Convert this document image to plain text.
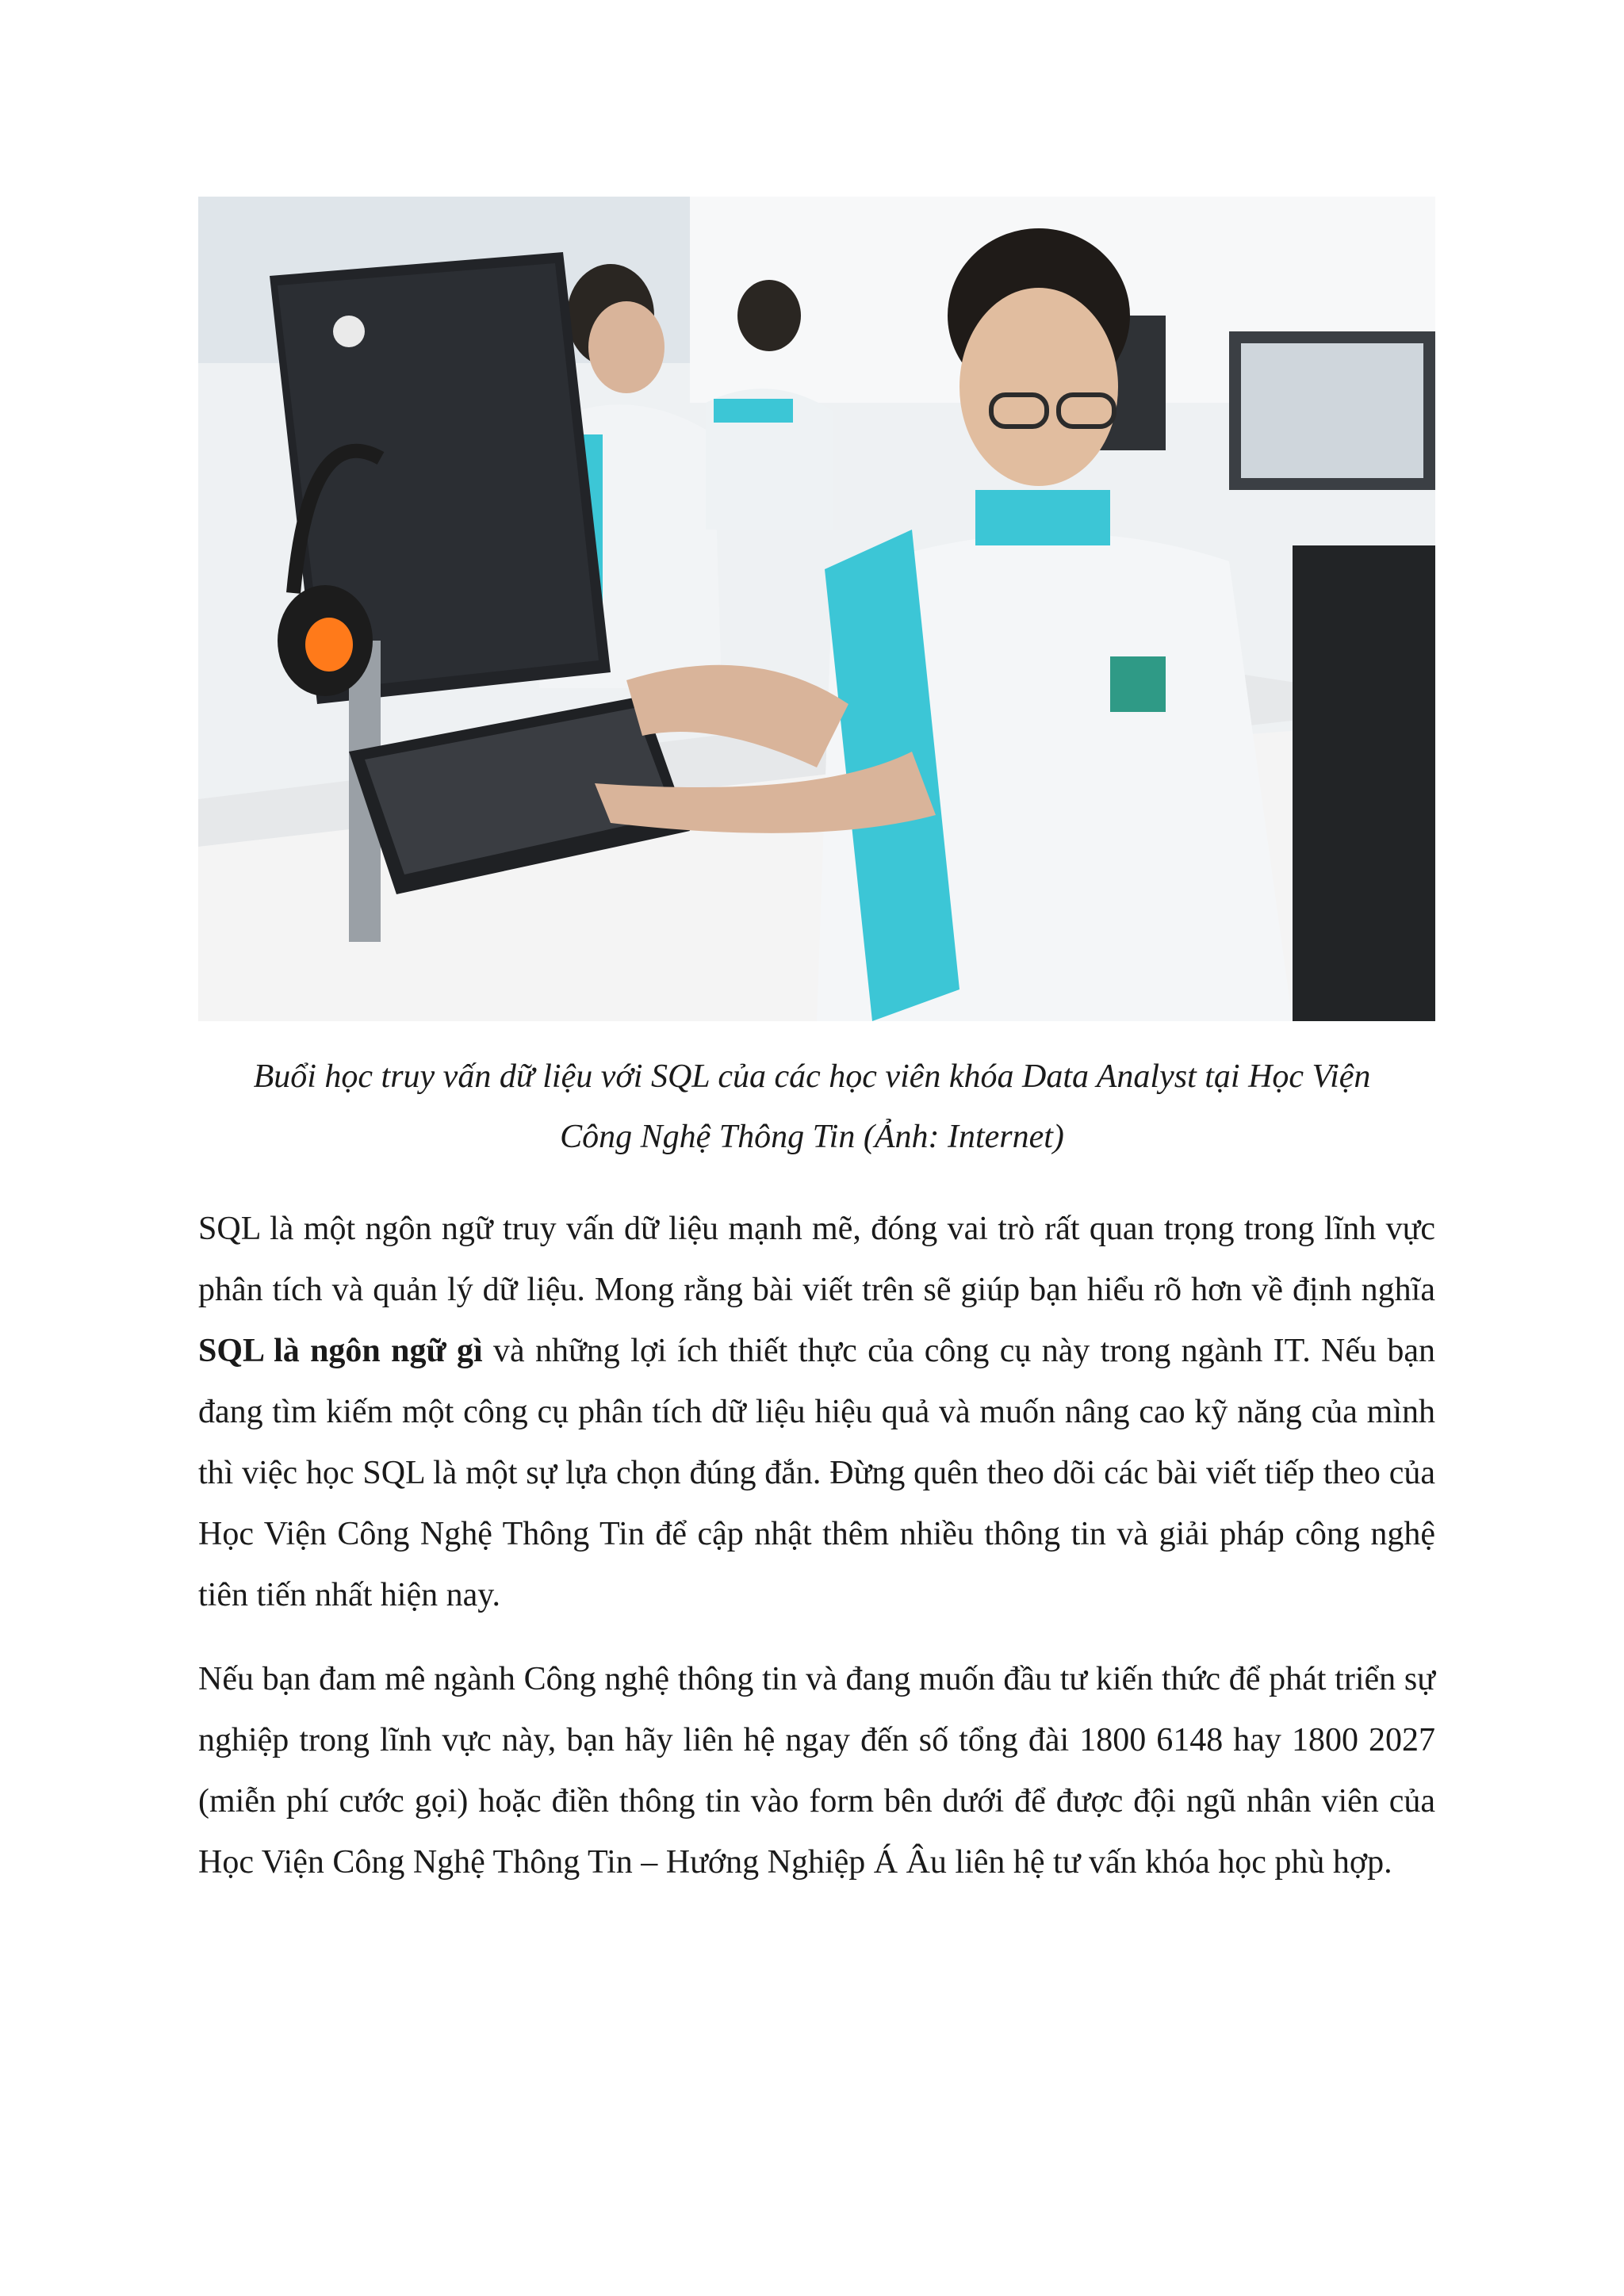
Buổi học truy vấn dữ liệu với SQL của các học viên khóa Data Analyst tại Học Viện
Công Nghệ Thông Tin (Ảnh: Internet)

SQL là một ngôn ngữ truy vấn dữ liệu mạnh mẽ, đóng vai trò rất quan trọng trong lĩnh vực phân tích và quản lý dữ liệu. Mong rằng bài viết trên sẽ giúp bạn hiểu rõ hơn về định nghĩa SQL là ngôn ngữ gì và những lợi ích thiết thực của công cụ này trong ngành IT. Nếu bạn đang tìm kiếm một công cụ phân tích dữ liệu hiệu quả và muốn nâng cao kỹ năng của mình thì việc học SQL là một sự lựa chọn đúng đắn. Đừng quên theo dõi các bài viết tiếp theo của Học Viện Công Nghệ Thông Tin để cập nhật thêm nhiều thông tin và giải pháp công nghệ tiên tiến nhất hiện nay.

Nếu bạn đam mê ngành Công nghệ thông tin và đang muốn đầu tư kiến thức để phát triển sự nghiệp trong lĩnh vực này, bạn hãy liên hệ ngay đến số tổng đài 1800 6148 hay 1800 2027 (miễn phí cước gọi) hoặc điền thông tin vào form bên dưới để được đội ngũ nhân viên của Học Viện Công Nghệ Thông Tin – Hướng Nghiệp Á Âu liên hệ tư vấn khóa học phù hợp.
